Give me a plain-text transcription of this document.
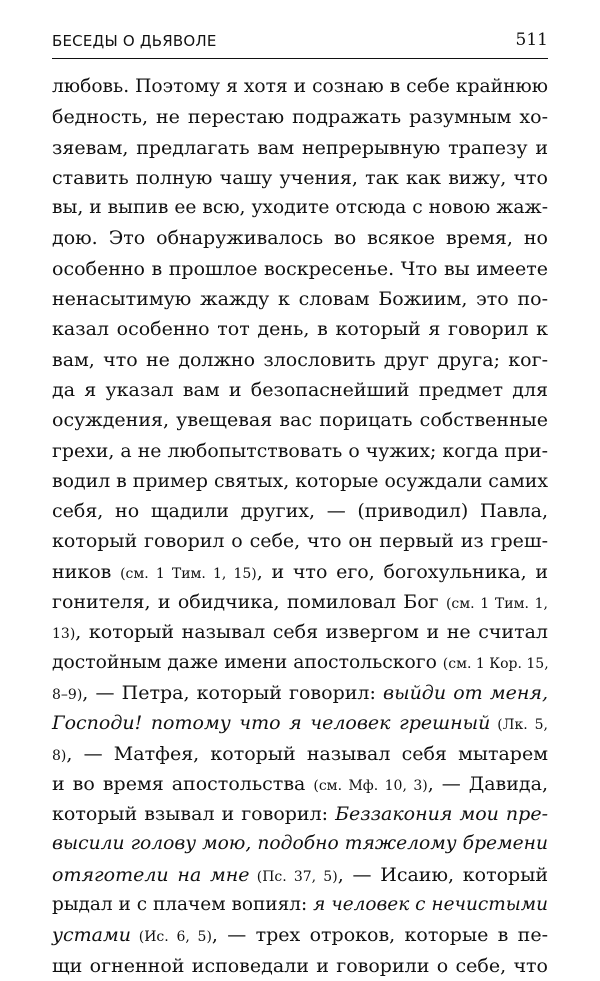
БЕСЕДЫ О ДЬЯВОЛЕ	511
любовь. Поэтому я хотя и сознаю в себе крайнюю
бедность, не перестаю подражать разумным хо-
зяевам, предлагать вам непрерывную трапезу и
ставить полную чашу учения, так как вижу, что
вы, и выпив ее всю, уходите отсюда с новою жаж-
дою. Это обнаруживалось во всякое время, но
особенно в прошлое воскресенье. Что вы имеете
ненасытимую жажду к словам Божиим, это по-
казал особенно тот день, в который я говорил к
вам, что не должно злословить друг друга; ког-
да я указал вам и безопаснейший предмет для
осуждения, увещевая вас порицать собственные
грехи, а не любопытствовать о чужих; когда при-
водил в пример святых, которые осуждали самих
себя, но щадили других, — (приводил) Павла,
который говорил о себе, что он первый из греш-
ников (см. 1 Тим. 1, 15), и что его, богохульника, и
гонителя, и обидчика, помиловал Бог (см. 1 Тим. 1,
13), который называл себя извергом и не считал
достойным даже имени апостольского (см. 1 Кор. 15,
8–9), — Петра, который говорил: выйди от меня,
Господи! потому что я человек грешный (Лк. 5,
8), — Матфея, который называл себя мытарем
и во время апостольства (см. Мф. 10, 3), — Давида,
который взывал и говорил: Беззакония мои пре-
высили голову мою, подобно тяжелому бремени
отяготели на мне (Пс. 37, 5), — Исаию, который
рыдал и с плачем вопиял: я человек с нечистыми
устами (Ис. 6, 5), — трех отроков, которые в пе-
щи огненной исповедали и говорили о себе, что
